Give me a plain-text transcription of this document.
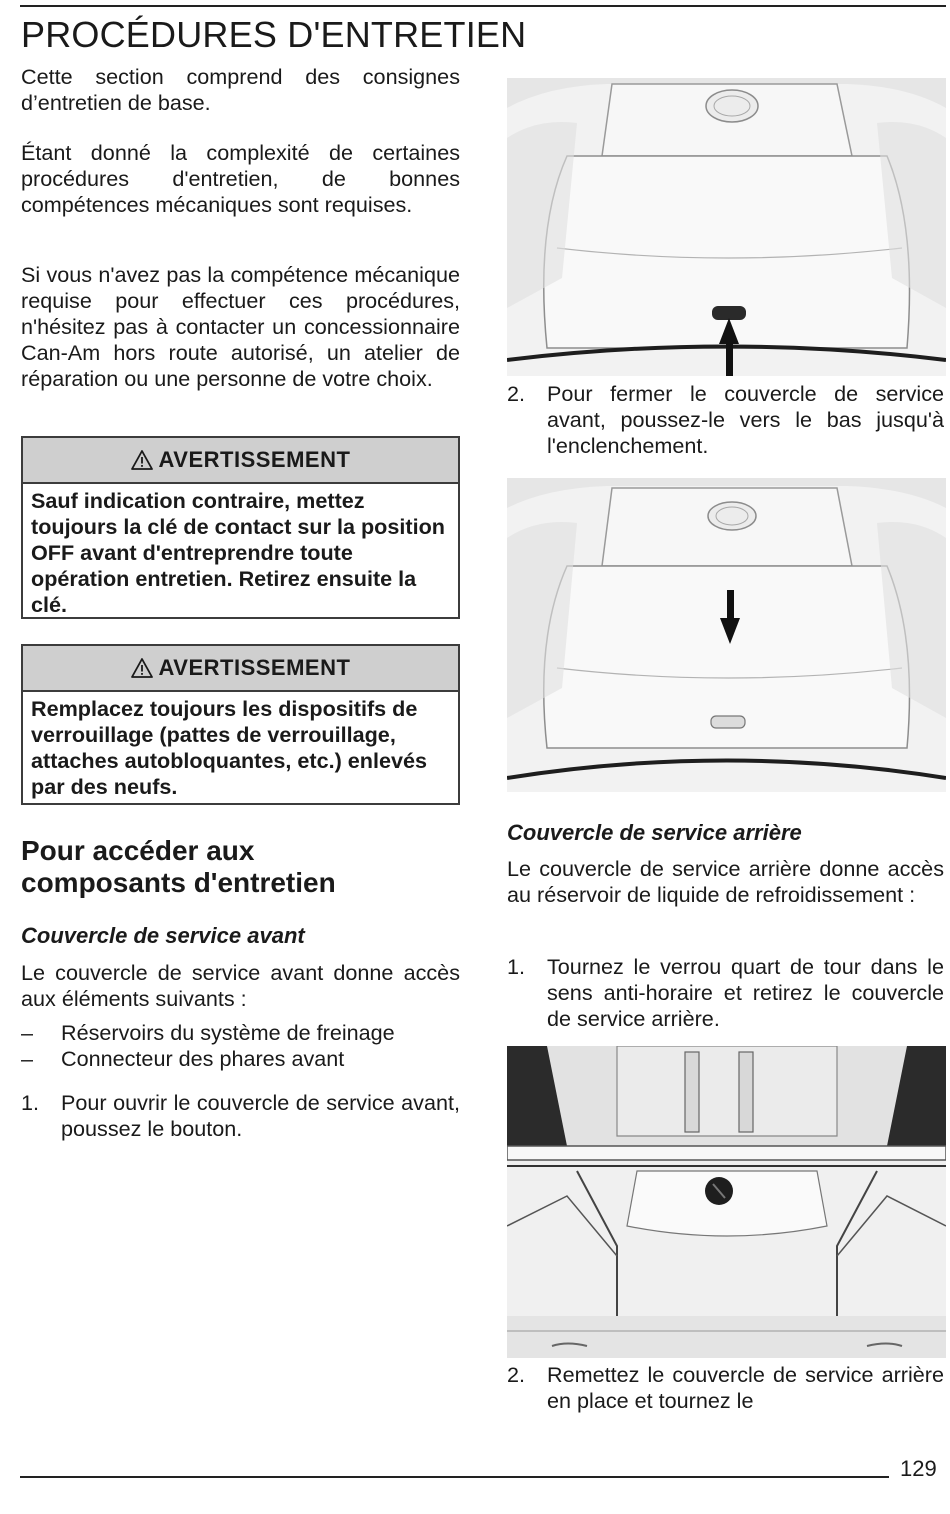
PROCÉDURES D'ENTRETIEN

Cette section comprend des consignes d’entretien de base.

Étant donné la complexité de certaines procédures d'entretien, de bonnes compétences mécaniques sont requises.

Si vous n'avez pas la compétence mécanique requise pour effectuer ces procédures, n'hésitez pas à contacter un concessionnaire Can-Am hors route autorisé, un atelier de réparation ou une personne de votre choix.

AVERTISSEMENT
Sauf indication contraire, mettez toujours la clé de contact sur la position OFF avant d'entreprendre toute opération entretien. Retirez ensuite la clé.
AVERTISSEMENT
Remplacez toujours les dispositifs de verrouillage (pattes de verrouillage, attaches autobloquantes, etc.) enlevés par des neufs.
Pour accéder aux composants d'entretien
Couvercle de service avant

Le couvercle de service avant donne accès aux éléments suivants :

–	Réservoirs du système de freinage
–	Connecteur des phares avant
1.	Pour ouvrir le couvercle de service avant, poussez le bouton.
2.	Pour fermer le couvercle de service avant, poussez-le vers le bas jusqu'à l'enclenchement.
Couvercle de service arrière

Le couvercle de service arrière donne accès au réservoir de liquide de refroidissement :

1.	Tournez le verrou quart de tour dans le sens anti-horaire et retirez le couvercle de service arrière.
2.	Remettez le couvercle de service arrière en place et tournez le
129
